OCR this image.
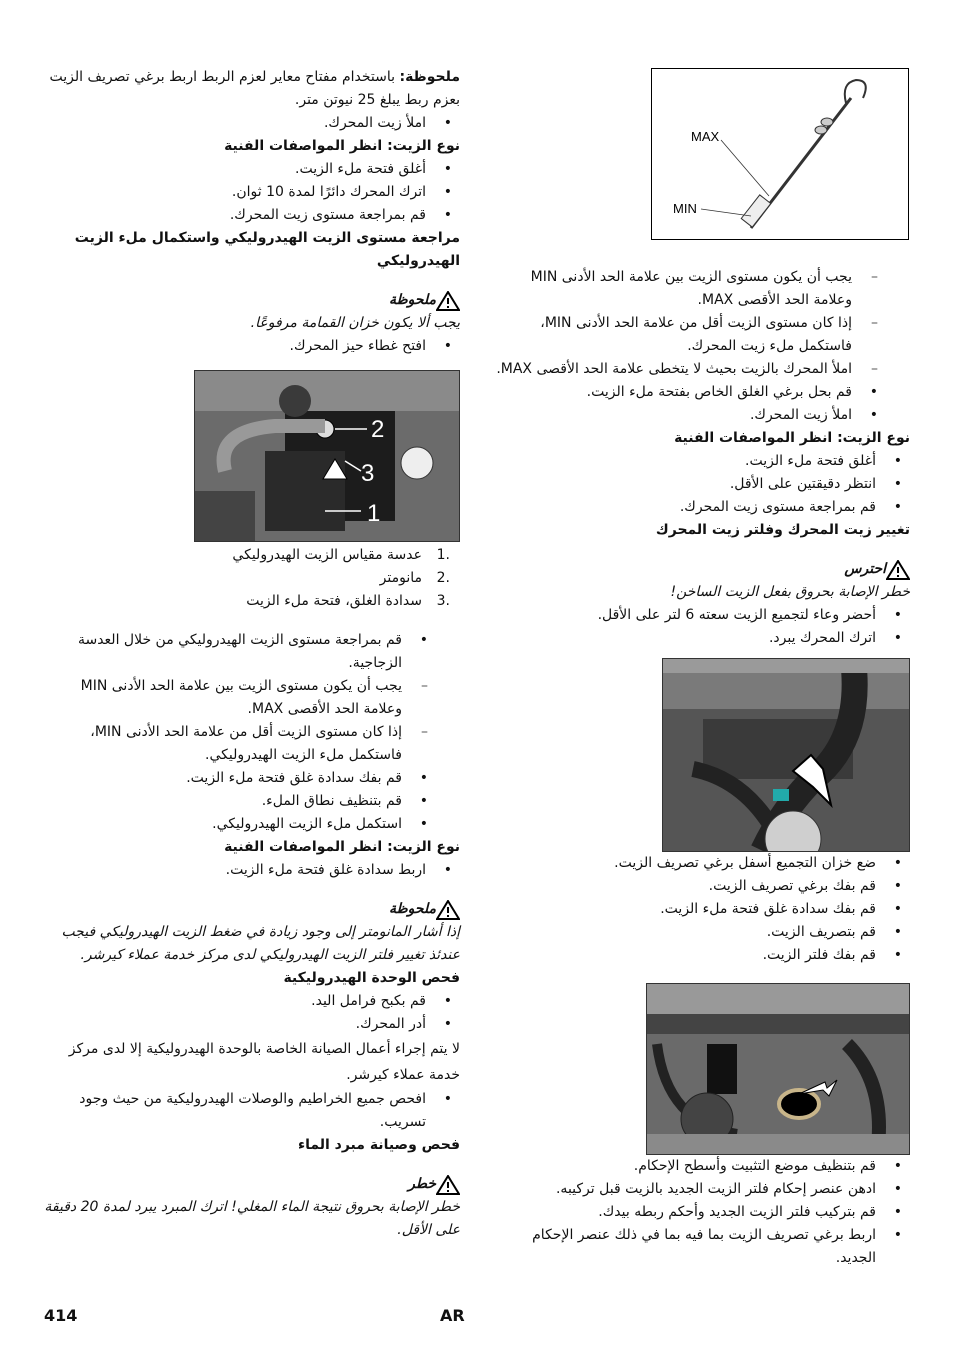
ملحوظة: باستخدام مفتاح معاير لعزم الربط اربط برغي تصريف الزيت بعزم ربط يبلغ 25 نيوتن متر.

• املأ زيت المحرك.

نوع الزيت: انظر المواصفات الفنية

• أغلق فتحة ملء الزيت.
• اترك المحرك دائرًا لمدة 10 ثوان.
• قم بمراجعة مستوى زيت المحرك.

مراجعة مستوى الزيت الهيدروليكي واستكمال ملء الزيت الهيدروليكي

ملحوظة

يجب ألا يكون خزان القمامة مرفوعًا.

• افتح غطاء حيز المحرك.
2
3
1
1.
عدسة مقياس الزيت الهيدروليكي
2.
مانومتر
3.
سدادة الغلق، فتحة ملء الزيت
• قم بمراجعة مستوى الزيت الهيدروليكي من خلال العدسة الزجاجية.
– يجب أن يكون مستوى الزيت بين علامة الحد الأدنى MIN وعلامة الحد الأقصى MAX.
– إذا كان مستوى الزيت أقل من علامة الحد الأدنى MIN، فاستكمل ملء الزيت الهيدروليكي.
• قم بفك سدادة غلق فتحة ملء الزيت.
• قم بتنظيف نطاق الملء.
• استكمل ملء الزيت الهيدروليكي.

نوع الزيت: انظر المواصفات الفنية

• اربط سدادة غلق فتحة ملء الزيت.
ملحوظة

إذا أشار المانومتر إلى وجود زيادة في ضغط الزيت الهيدروليكي فيجب عندئذ تغيير فلتر الزيت الهيدروليكي لدى مركز خدمة عملاء كيرشر.

فحص الوحدة الهيدروليكية

• قم بكبح فرامل اليد.
• أدر المحرك.

لا يتم إجراء أعمال الصيانة الخاصة بالوحدة الهيدروليكية إلا لدى مركز خدمة عملاء كيرشر.

• افحص جميع الخراطيم والوصلات الهيدروليكية من حيث وجود تسريب.

فحص وصيانة مبرد الماء

خطر

خطر الإصابة بحروق نتيجة الماء المغلي! اترك المبرد يبرد لمدة 20 دقيقة على الأقل.

MAX
MIN
– يجب أن يكون مستوى الزيت بين علامة الحد الأدنى MIN وعلامة الحد الأقصى MAX.
– إذا كان مستوى الزيت أقل من علامة الحد الأدنى MIN، فاستكمل ملء زيت المحرك.
– املأ المحرك بالزيت بحيث لا يتخطى علامة الحد الأقصى MAX.
• قم بحل برغي الغلق الخاص بفتحة ملء الزيت.
• املأ زيت المحرك.

نوع الزيت: انظر المواصفات الفنية

• أغلق فتحة ملء الزيت.
• انتظر دقيقتين على الأقل.
• قم بمراجعة مستوى زيت المحرك.

تغيير زيت المحرك وفلتر زيت المحرك

احترس

خطر الإصابة بحروق بفعل الزيت الساخن!

• أحضر وعاء لتجميع الزيت سعته 6 لتر على الأقل.
• اترك المحرك يبرد.
• ضع خزان التجميع أسفل برغي تصريف الزيت.
• قم بفك برغي تصريف الزيت.
• قم بفك سدادة غلق فتحة ملء الزيت.
• قم بتصريف الزيت.
• قم بفك فلتر الزيت.
• قم بتنظيف موضع التثبيت وأسطح الإحكام.
• ادهن عنصر إحكام فلتر الزيت الجديد بالزيت قبل تركيبه.
• قم بتركيب فلتر الزيت الجديد وأحكم ربطه بيدك.
• اربط برغي تصريف الزيت بما فيه بما في ذلك عنصر الإحكام الجديد.
414	AR
